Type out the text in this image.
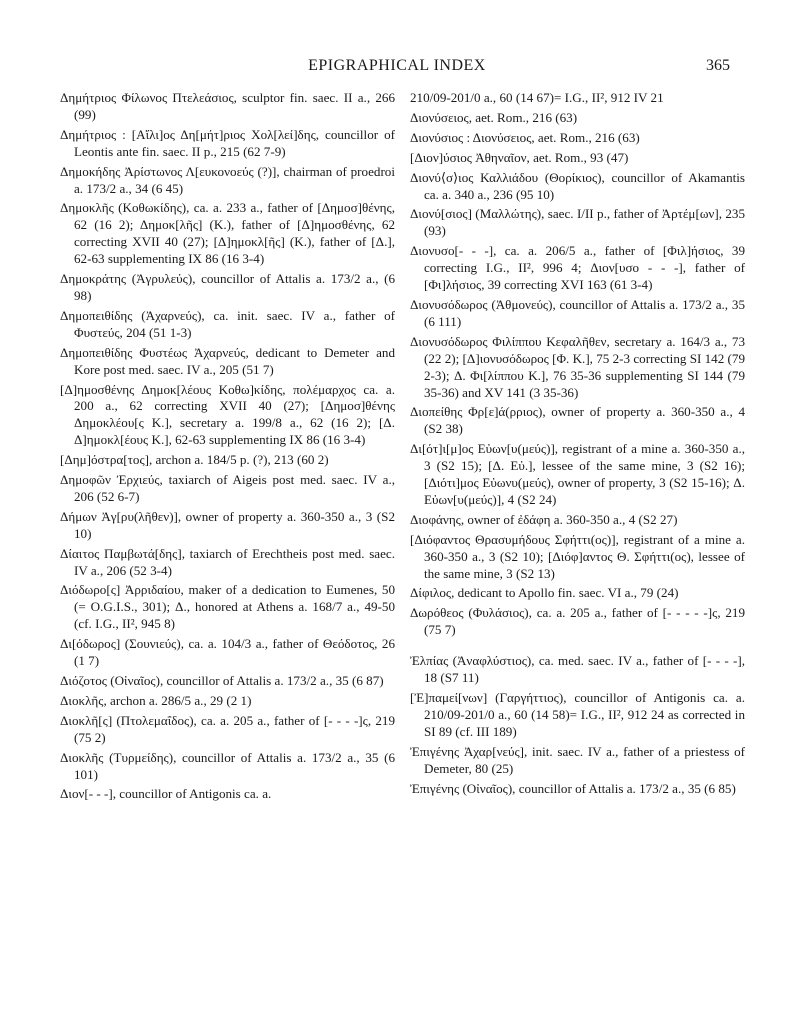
EPIGRAPHICAL INDEX	365

Δημήτριος Φίλωνος Πτελεάσιος, sculptor fin. saec. II a., 266 (99)

Δημήτριος : [Αἴλι]ος Δη[μήτ]ριος Χολ[λεί]δης, councillor of Leontis ante fin. saec. II p., 215 (62 7-9)

Δημοκήδης Ἀρίστωνος Λ[ευκονοεύς (?)], chairman of proedroi a. 173/2 a., 34 (6 45)

Δημοκλῆς (Κοθωκίδης), ca. a. 233 a., father of [Δημοσ]θένης, 62 (16 2); Δημοκ[λῆς] (K.), father of [Δ]ημοσθένης, 62 correcting XVII 40 (27); [Δ]ημοκλ[ῆς] (K.), father of [Δ.], 62-63 supplementing IX 86 (16 3-4)

Δημοκράτης (Ἀγρυλεύς), councillor of Attalis a. 173/2 a., (6 98)

Δημοπειθίδης (Ἀχαρνεύς), ca. init. saec. IV a., father of Φυστεύς, 204 (51 1-3)

Δημοπειθίδης Φυστέως Ἀχαρνεύς, dedicant to Demeter and Kore post med. saec. IV a., 205 (51 7)

[Δ]ημοσθένης Δημοκ[λέους Κοθω]κίδης, πολέμαρχος ca. a. 200 a., 62 correcting XVII 40 (27); [Δημοσ]θένης Δημοκλέου[ς K.], secretary a. 199/8 a., 62 (16 2); [Δ. Δ]ημοκλ[έους K.], 62-63 supplementing IX 86 (16 3-4)

[Δημ]όστρα[τος], archon a. 184/5 p. (?), 213 (60 2)

Δημοφῶν Ἐρχιεύς, taxiarch of Aigeis post med. saec. IV a., 206 (52 6-7)

Δήμων Ἀγ[ρυ(λῆθεν)], owner of property a. 360-350 a., 3 (S2 10)

Δίαιτος Παμβωτά[δης], taxiarch of Erechtheis post med. saec. IV a., 206 (52 3-4)

Διόδωρο[ς] Ἀρριδαίου, maker of a dedication to Eumenes, 50 (= O.G.I.S., 301); Δ., honored at Athens a. 168/7 a., 49-50 (cf. I.G., II², 945 8)

Δι[όδωρος] (Σουνιεύς), ca. a. 104/3 a., father of Θεόδοτος, 26 (1 7)

Διόζοτος (Οἰναῖος), councillor of Attalis a. 173/2 a., 35 (6 87)

Διοκλῆς, archon a. 286/5 a., 29 (2 1)

Διοκλῆ[ς] (Πτολεμαΐδος), ca. a. 205 a., father of [- - - -]ς, 219 (75 2)

Διοκλῆς (Τυρμείδης), councillor of Attalis a. 173/2 a., 35 (6 101)

Διον[- - -], councillor of Antigonis ca. a.

210/09-201/0 a., 60 (14 67)= I.G., II², 912 IV 21

Διονύσειος, aet. Rom., 216 (63)

Διονύσιος : Διονύσειος, aet. Rom., 216 (63)

[Διον]ύσιος Ἀθηναῖον, aet. Rom., 93 (47)

Διονύ⟨σ⟩ιος Καλλιάδου (Θορίκιος), councillor of Akamantis ca. a. 340 a., 236 (95 10)

Διονύ[σιος] (Μαλλώτης), saec. I/II p., father of Ἀρτέμ[ων], 235 (93)

Διονυσο[- - -], ca. a. 206/5 a., father of [Φιλ]ήσιος, 39 correcting I.G., II², 996 4; Διον[υσο - - -], father of [Φι]λήσιος, 39 correcting XVI 163 (61 3-4)

Διονυσόδωρος (Ἀθμονεύς), councillor of Attalis a. 173/2 a., 35 (6 111)

Διονυσόδωρος Φιλίππου Κεφαλῆθεν, secretary a. 164/3 a., 73 (22 2); [Δ]ιονυσόδωρος [Φ. K.], 75 2-3 correcting SI 142 (79 2-3); Δ. Φι[λίππου K.], 76 35-36 supplementing SI 144 (79 35-36) and XV 141 (3 35-36)

Διοπείθης Φρ[ε]ά(ρριος), owner of property a. 360-350 a., 4 (S2 38)

Δι[ότ]ι[μ]ος Εὐων[υ(μεύς)], registrant of a mine a. 360-350 a., 3 (S2 15); [Δ. Εὐ.], lessee of the same mine, 3 (S2 16); [Διότι]μος Εὐωνυ(μεύς), owner of property, 3 (S2 15-16); Δ. Εὐων[υ(μεύς)], 4 (S2 24)

Διοφάνης, owner of ἐδάφη a. 360-350 a., 4 (S2 27)

[Διόφαντος Θρασυμήδους Σφήττι(ος)], registrant of a mine a. 360-350 a., 3 (S2 10); [Διόφ]αντος Θ. Σφήττι(ος), lessee of the same mine, 3 (S2 13)

Δίφιλος, dedicant to Apollo fin. saec. VI a., 79 (24)

Δωρόθεος (Φυλάσιος), ca. a. 205 a., father of [- - - - -]ς, 219 (75 7)

Ἐλπίας (Ἀναφλύστιος), ca. med. saec. IV a., father of [- - - -], 18 (S7 11)

[Ἐ]παμεί[νων] (Γαργήττιος), councillor of Antigonis ca. a. 210/09-201/0 a., 60 (14 58)= I.G., II², 912 24 as corrected in SI 89 (cf. III 189)

Ἐπιγένης Ἀχαρ[νεύς], init. saec. IV a., father of a priestess of Demeter, 80 (25)

Ἐπιγένης (Οἰναῖος), councillor of Attalis a. 173/2 a., 35 (6 85)
